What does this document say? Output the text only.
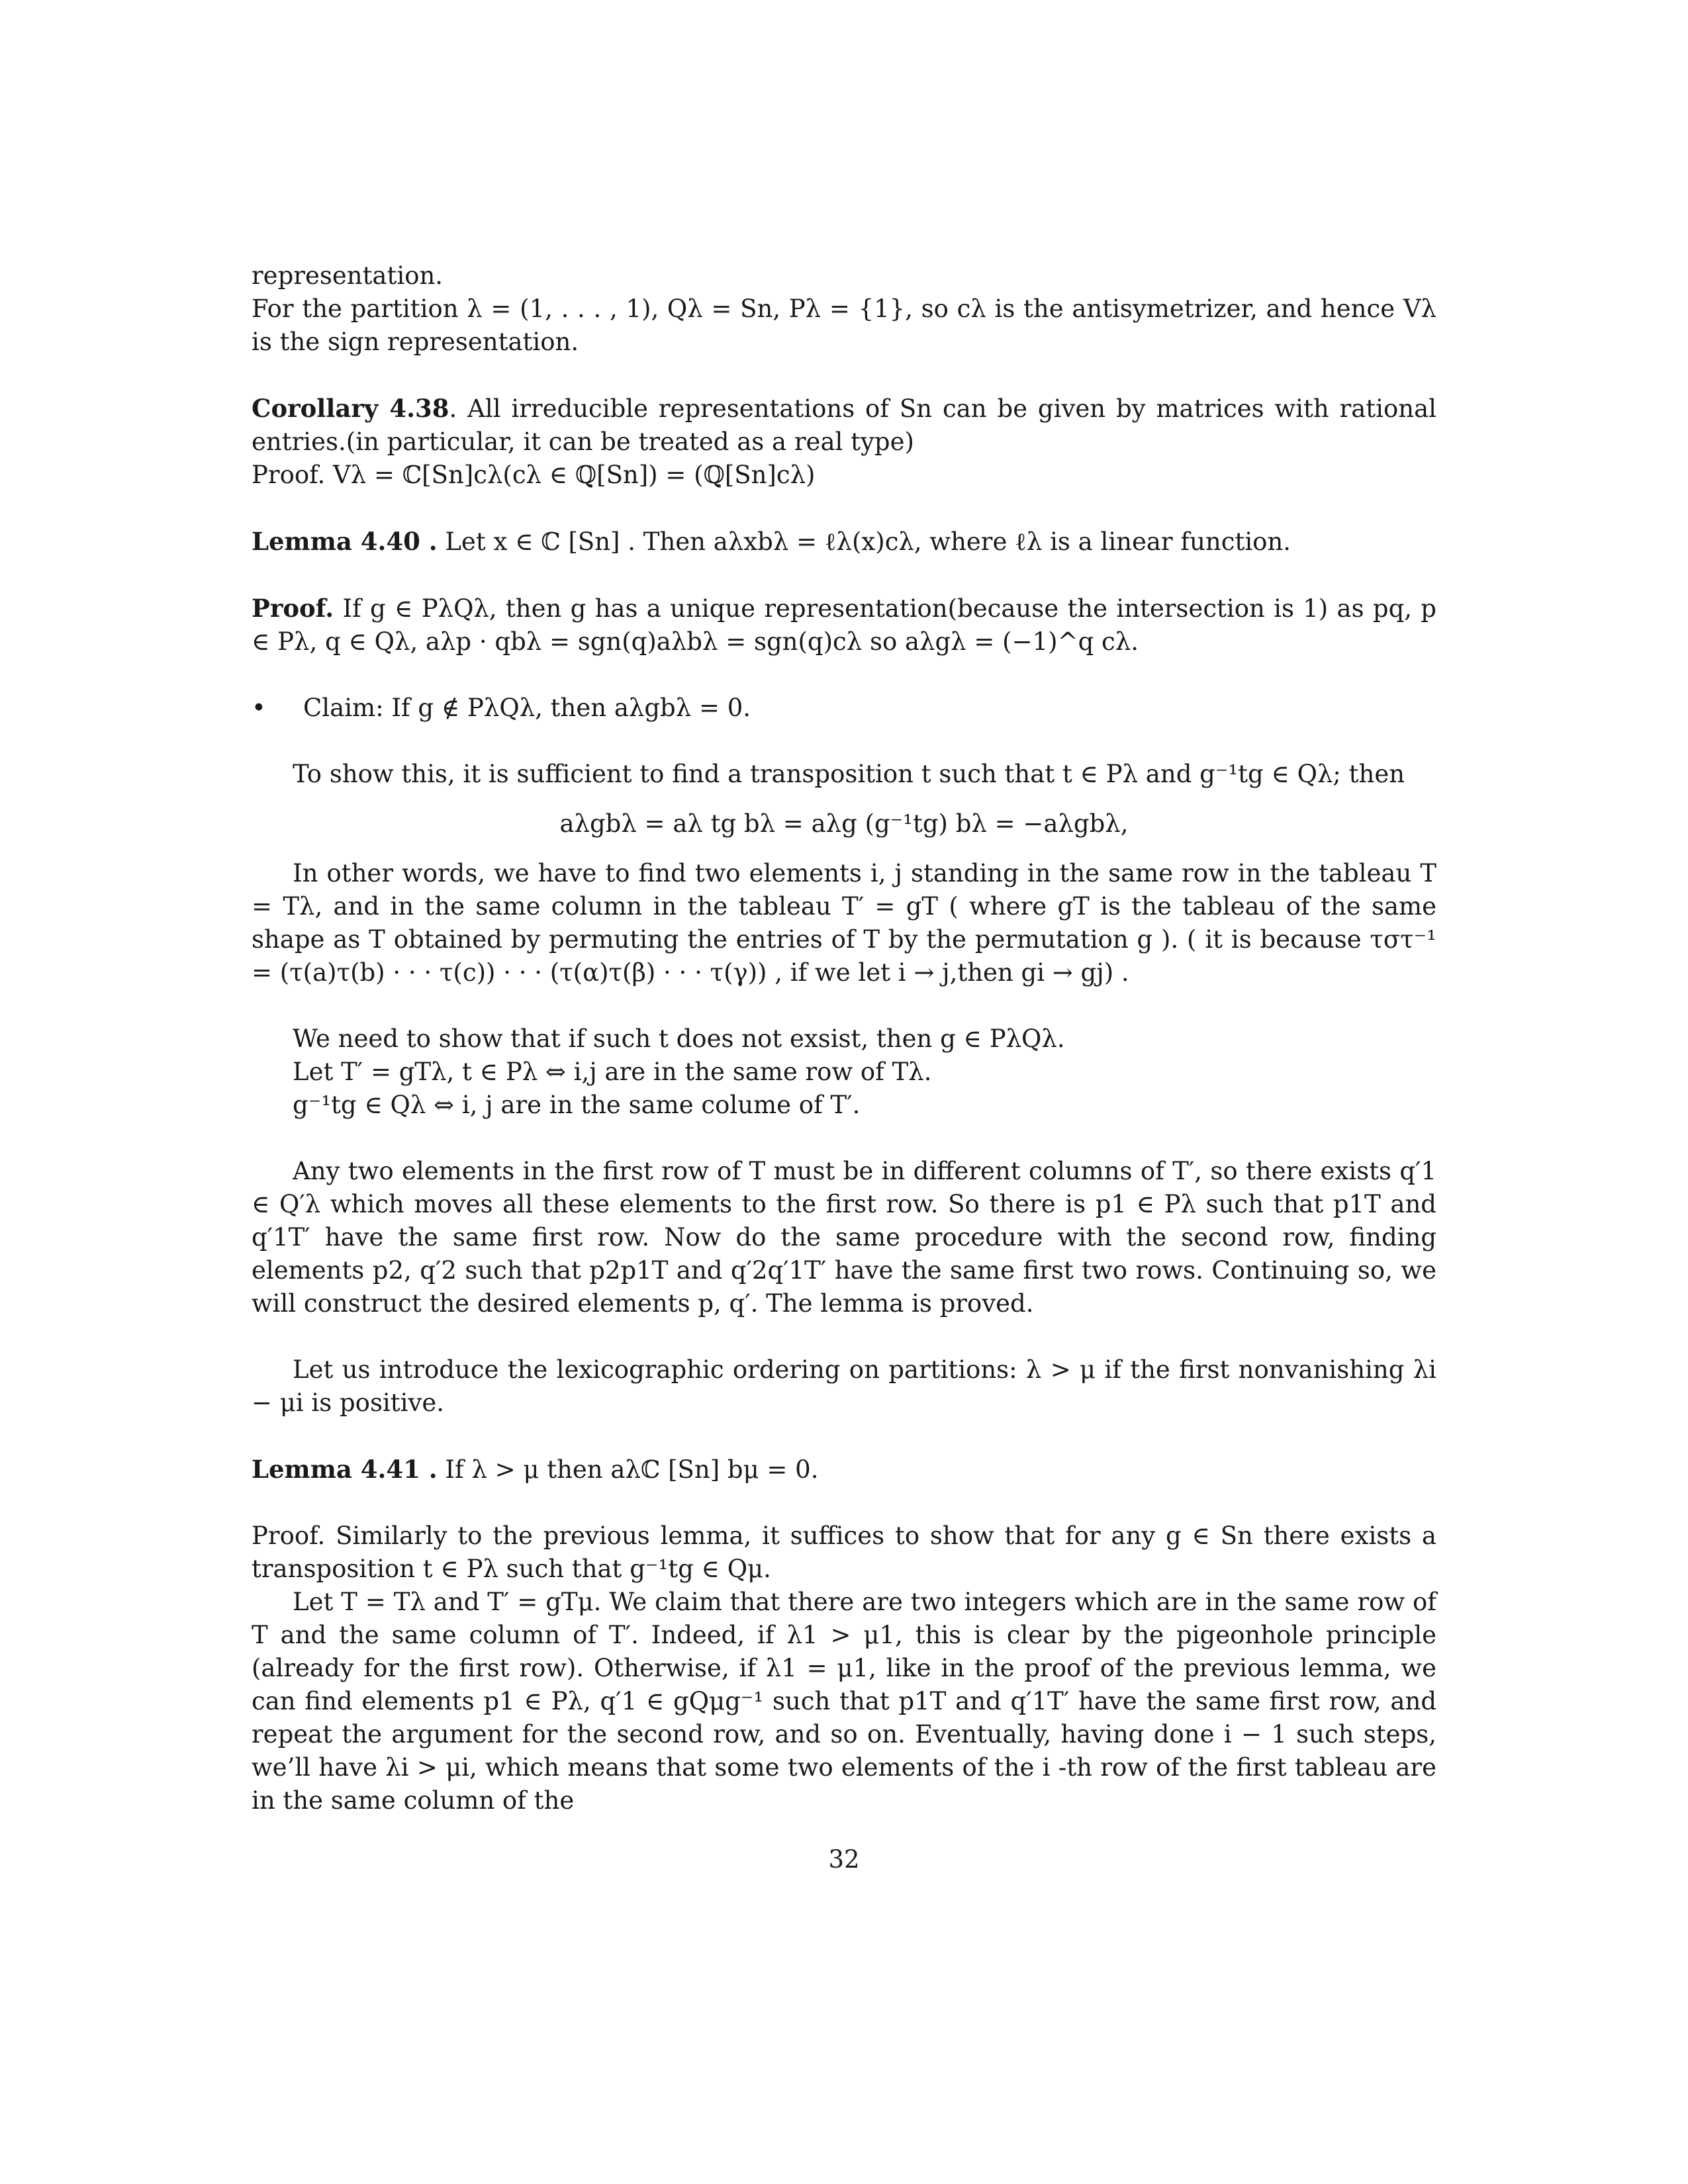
representation.

For the partition λ = (1, . . . , 1), Qλ = Sn, Pλ = {1}, so cλ is the antisymetrizer, and hence Vλ is the sign representation.

Corollary 4.38. All irreducible representations of Sn can be given by matrices with rational entries.(in particular, it can be treated as a real type)

Proof. Vλ = ℂ[Sn]cλ(cλ ∈ ℚ[Sn]) = (ℚ[Sn]cλ)

Lemma 4.40 . Let x ∈ ℂ [Sn] . Then aλxbλ = ℓλ(x)cλ, where ℓλ is a linear function.

Proof. If g ∈ PλQλ, then g has a unique representation(because the intersection is 1) as pq, p ∈ Pλ, q ∈ Qλ, aλp · qbλ = sgn(q)aλbλ = sgn(q)cλ so aλgλ = (−1)^q cλ.

• Claim: If g ∉ PλQλ, then aλgbλ = 0.

To show this, it is sufficient to find a transposition t such that t ∈ Pλ and g⁻¹tg ∈ Qλ; then

aλgbλ = aλ tg bλ = aλg (g⁻¹tg) bλ = −aλgbλ,

In other words, we have to find two elements i, j standing in the same row in the tableau T = Tλ, and in the same column in the tableau T′ = gT ( where gT is the tableau of the same shape as T obtained by permuting the entries of T by the permutation g ). ( it is because τστ⁻¹ = (τ(a)τ(b) · · · τ(c)) · · · (τ(α)τ(β) · · · τ(γ)) , if we let i → j,then gi → gj) .

We need to show that if such t does not exsist, then g ∈ PλQλ.

Let T′ = gTλ, t ∈ Pλ ⇔ i,j are in the same row of Tλ.

g⁻¹tg ∈ Qλ ⇔ i, j are in the same colume of T′.

Any two elements in the first row of T must be in different columns of T′, so there exists q′1 ∈ Q′λ which moves all these elements to the first row. So there is p1 ∈ Pλ such that p1T and q′1T′ have the same first row. Now do the same procedure with the second row, finding elements p2, q′2 such that p2p1T and q′2q′1T′ have the same first two rows. Continuing so, we will construct the desired elements p, q′. The lemma is proved.

Let us introduce the lexicographic ordering on partitions: λ > μ if the first nonvanishing λi − μi is positive.

Lemma 4.41 . If λ > μ then aλℂ [Sn] bμ = 0.

Proof. Similarly to the previous lemma, it suffices to show that for any g ∈ Sn there exists a transposition t ∈ Pλ such that g⁻¹tg ∈ Qμ.

Let T = Tλ and T′ = gTμ. We claim that there are two integers which are in the same row of T and the same column of T′. Indeed, if λ1 > μ1, this is clear by the pigeonhole principle (already for the first row). Otherwise, if λ1 = μ1, like in the proof of the previous lemma, we can find elements p1 ∈ Pλ, q′1 ∈ gQμg⁻¹ such that p1T and q′1T′ have the same first row, and repeat the argument for the second row, and so on. Eventually, having done i − 1 such steps, we’ll have λi > μi, which means that some two elements of the i -th row of the first tableau are in the same column of the

32
